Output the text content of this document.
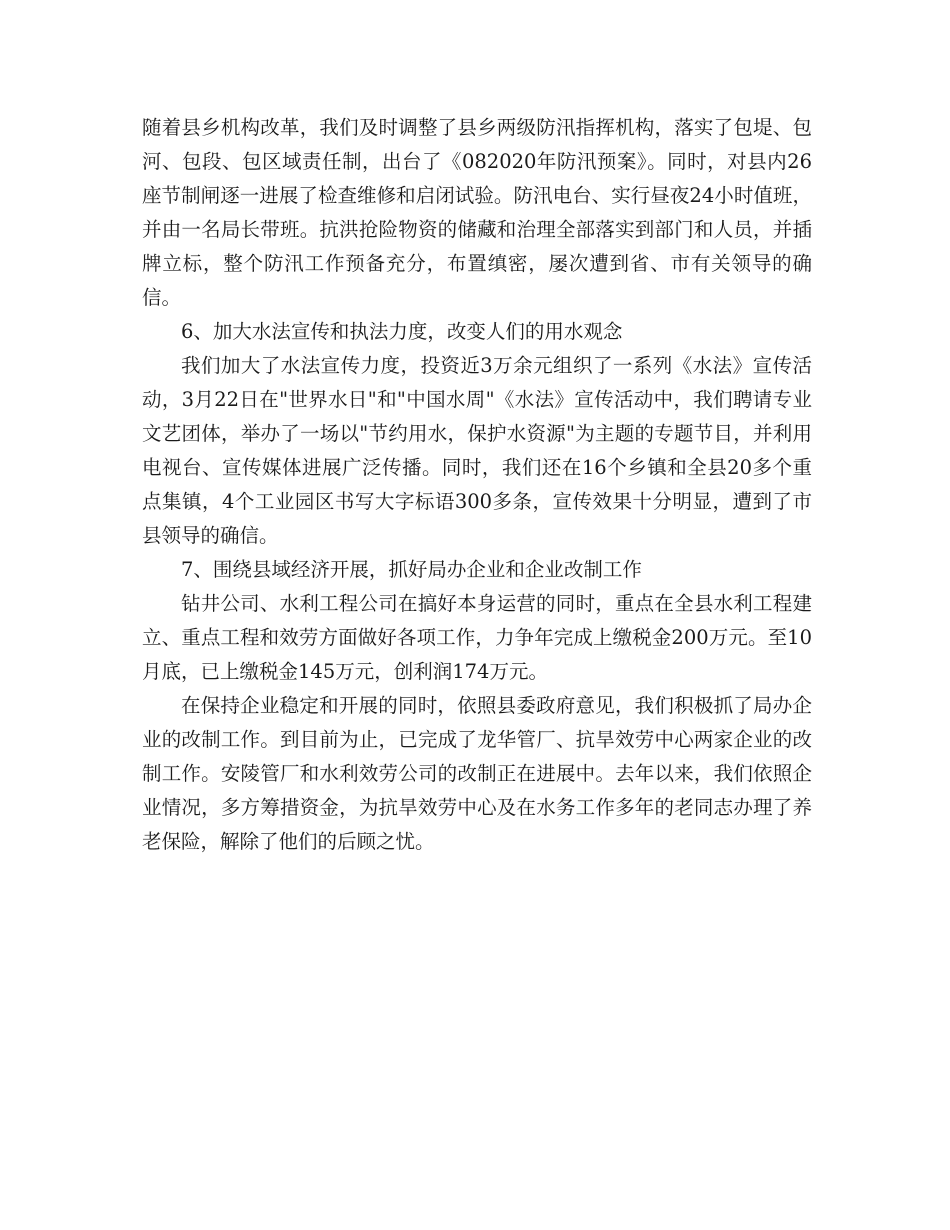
随着县乡机构改革，我们及时调整了县乡两级防汛指挥机构，落实了包堤、包河、包段、包区域责任制，出台了《082020年防汛预案》。同时，对县内26座节制闸逐一进展了检查维修和启闭试验。防汛电台、实行昼夜24小时值班，并由一名局长带班。抗洪抢险物资的储藏和治理全部落实到部门和人员，并插牌立标，整个防汛工作预备充分，布置缜密，屡次遭到省、市有关领导的确信。

6、加大水法宣传和执法力度，改变人们的用水观念

我们加大了水法宣传力度，投资近3万余元组织了一系列《水法》宣传活动，3月22日在"世界水日"和"中国水周"《水法》宣传活动中，我们聘请专业文艺团体，举办了一场以"节约用水，保护水资源"为主题的专题节目，并利用电视台、宣传媒体进展广泛传播。同时，我们还在16个乡镇和全县20多个重点集镇，4个工业园区书写大字标语300多条，宣传效果十分明显，遭到了市县领导的确信。

7、围绕县域经济开展，抓好局办企业和企业改制工作

钻井公司、水利工程公司在搞好本身运营的同时，重点在全县水利工程建立、重点工程和效劳方面做好各项工作，力争年完成上缴税金200万元。至10月底，已上缴税金145万元，创利润174万元。

在保持企业稳定和开展的同时，依照县委政府意见，我们积极抓了局办企业的改制工作。到目前为止，已完成了龙华管厂、抗旱效劳中心两家企业的改制工作。安陵管厂和水利效劳公司的改制正在进展中。去年以来，我们依照企业情况，多方筹措资金，为抗旱效劳中心及在水务工作多年的老同志办理了养老保险，解除了他们的后顾之忧。
